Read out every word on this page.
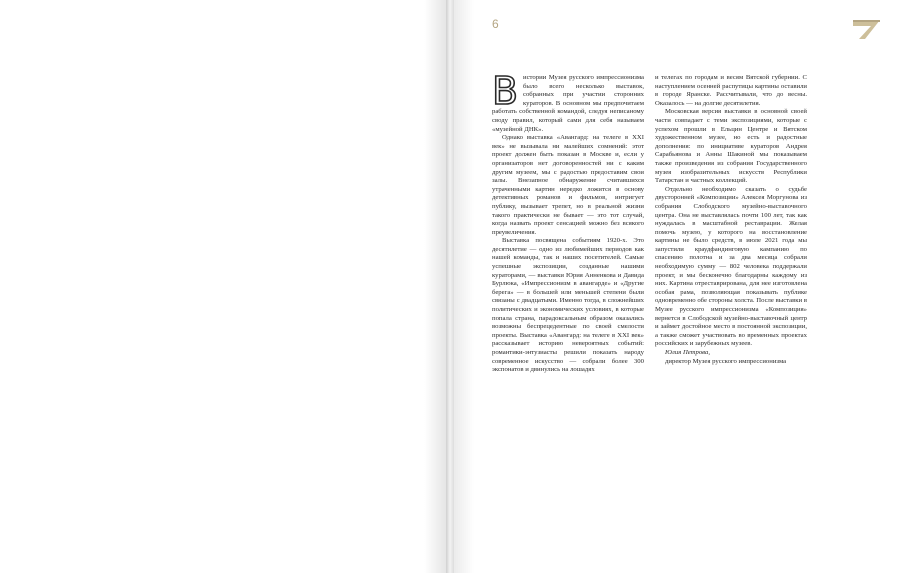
6
В истории Музея русского импрессионизма было всего несколько выставок, собранных при участии сторонних кураторов. В основном мы предпочитаем работать собственной командой, следуя неписаному своду правил, который сами для себя называем «музейной ДНК».

Однако выставка «Авангард: на телеге в XXI век» не вызывала ни малейших сомнений: этот проект должен быть показан в Москве и, если у организаторов нет договоренностей ни с каким другим музеем, мы с радостью предоставим свои залы. Внезапное обнаружение считавшихся утраченными картин нередко ложится в основу детективных романов и фильмов, интригует публику, вызывает трепет, но в реальной жизни такого практически не бывает — это тот случай, когда назвать проект сенсацией можно без всякого преувеличения.

Выставка посвящена событиям 1920-х. Это десятилетие — одно из любимейших периодов как нашей команды, так и наших посетителей. Самые успешные экспозиции, созданные нашими кураторами, — выставки Юрия Анненкова и Давида Бурлюка, «Импрессионизм в авангарде» и «Другие берега» — в большей или меньшей степени были связаны с двадцатыми. Именно тогда, в сложнейших политических и экономических условиях, в которые попала страна, парадоксальным образом оказались возможны беспрецедентные по своей смелости проекты. Выставка «Авангард: на телеге в XXI век» рассказывает историю невероятных событий: романтики-энтузиасты решили показать народу современное искусство — собрали более 300 экспонатов и двинулись на лошадях

и телегах по городам и весям Вятской губернии. С наступлением осенней распутицы картины оставили в городе Яранске. Рассчитывали, что до весны. Оказалось — на долгие десятилетия.

Московская версия выставки в основной своей части совпадает с теми экспозициями, которые с успехом прошли в Ельцин Центре и Вятском художественном музее, но есть и радостные дополнения: по инициативе кураторов Андрея Сарабьянова и Анны Шакиной мы показываем также произведения из собрания Государственного музея изобразительных искусств Республики Татарстан и частных коллекций.

Отдельно необходимо сказать о судьбе двусторонней «Композиции» Алексея Моргунова из собрания Слободского музейно-выставочного центра. Она не выставлялась почти 100 лет, так как нуждалась в масштабной реставрации. Желая помочь музею, у которого на восстановление картины не было средств, в июле 2021 года мы запустили краудфандинговую кампанию по спасению полотна и за два месяца собрали необходимую сумму — 802 человека поддержали проект, и мы бесконечно благодарны каждому из них. Картина отреставрирована, для нее изготовлена особая рама, позволяющая показывать публике одновременно обе стороны холста. После выставки в Музее русского импрессионизма «Композиция» вернется в Слободской музейно-выставочный центр и займет достойное место в постоянной экспозиции, а также сможет участвовать во временных проектах российских и зарубежных музеев.

Юлия Петрова,

директор Музея русского импрессионизма
